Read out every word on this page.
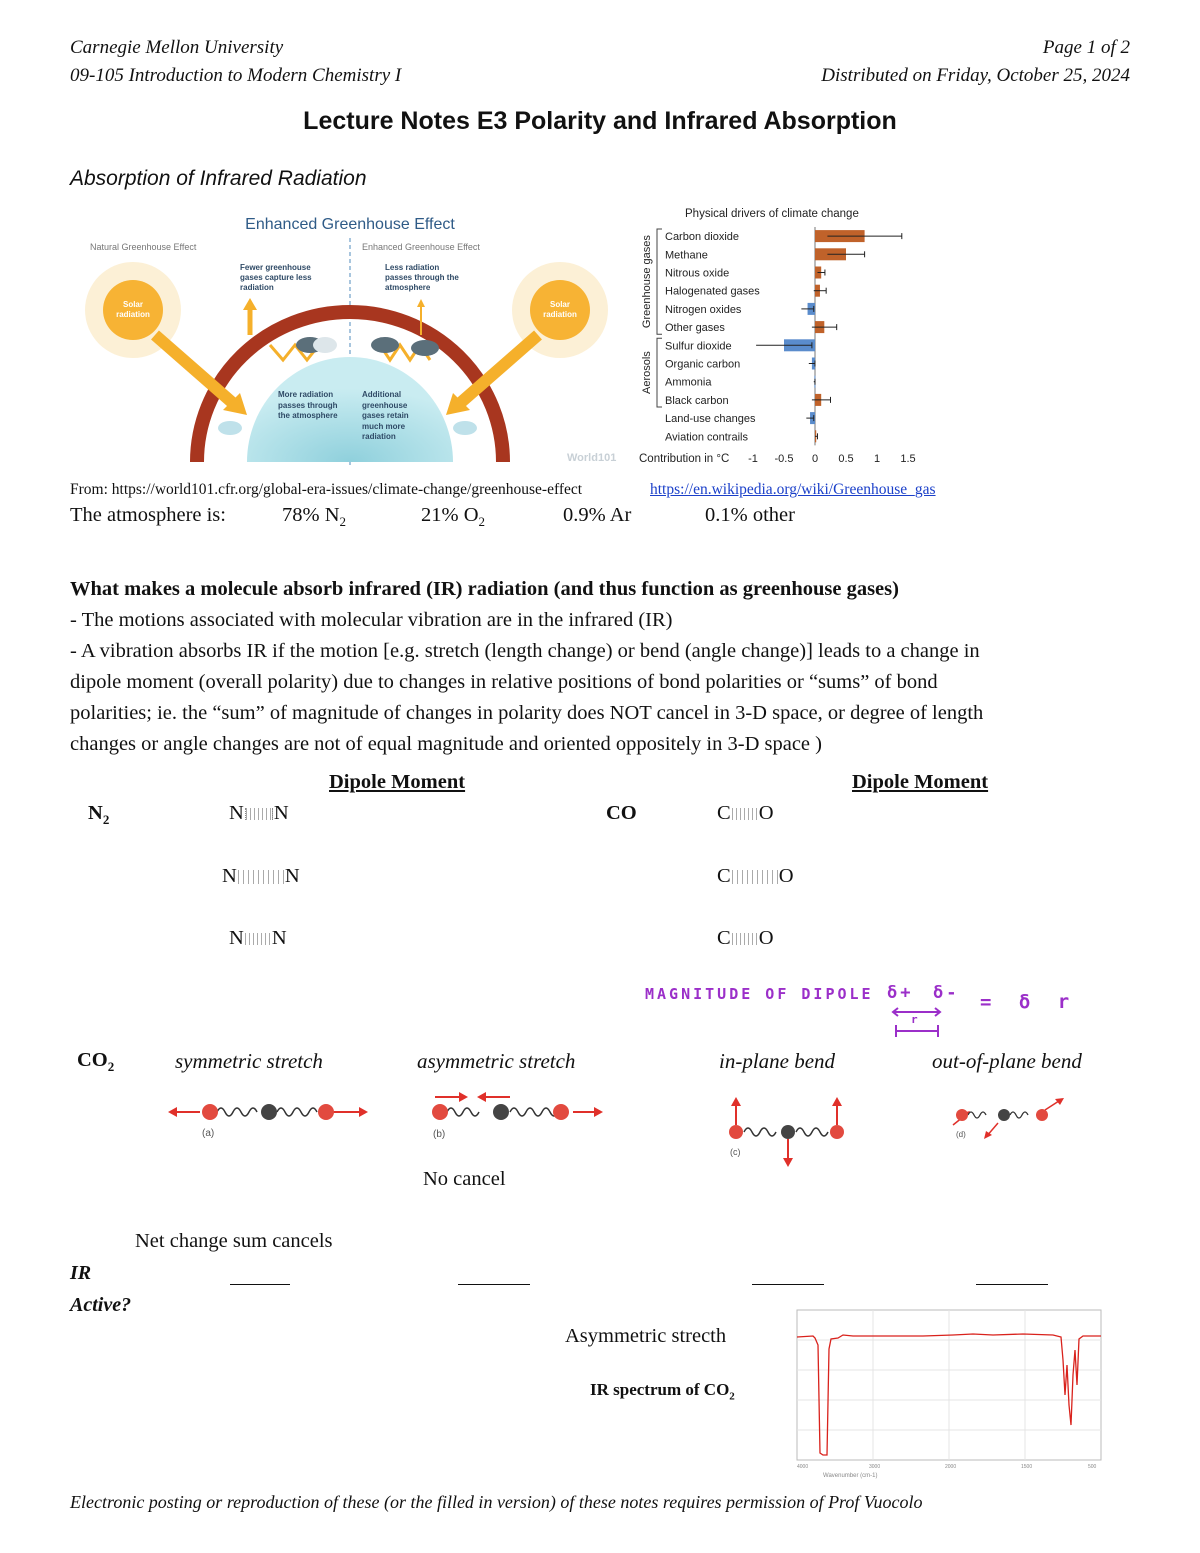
Carnegie Mellon University
09-105 Introduction to Modern Chemistry I
Page 1 of 2
Distributed on Friday, October 25, 2024
Lecture Notes E3 Polarity and Infrared Absorption
Absorption of Infrared Radiation
Enhanced Greenhouse Effect
Natural Greenhouse Effect	Enhanced Greenhouse Effect
Solar
radiation
Solar
radiation
Fewer greenhouse gases capture less radiation
Less radiation passes through the atmosphere
More radiation passes through the atmosphere
Additional greenhouse gases retain much more radiation
World101
Physical drivers of climate change
Greenhouse gases
Aerosols
Carbon dioxide
Methane
Nitrous oxide
Halogenated gases
Nitrogen oxides
Other gases
Sulfur dioxide
Organic carbon
Ammonia
Black carbon
Land-use changes
Aviation contrails
-1 -0.5 0 0.5 1 1.5
Contribution in °C
From: https://world101.cfr.org/global-era-issues/climate-change/greenhouse-effect	https://en.wikipedia.org/wiki/Greenhouse_gas
The atmosphere is:	78% $N_2$	21% $O_2$	0.9% Ar	0.1% other
What makes a molecule absorb infrared (IR) radiation (and thus function as greenhouse gases)
- The motions associated with molecular vibration are in the infrared (IR)
- A vibration absorbs IR if the motion [e.g. stretch (length change) or bend (angle change)] leads to a change in
dipole moment (overall polarity) due to changes in relative positions of bond polarities or “sums” of bond
polarities; ie. the “sum” of magnitude of changes in polarity does NOT cancel in 3-D space, or degree of length
changes or angle changes are not of equal magnitude and oriented oppositely in 3-D space )
Dipole Moment	Dipole Moment
$N_2$	N N
N N
N N
CO	C O
C O
C O
MAGNITUDE OF DIPOLE δ+ δ- = δ r
r
$CO_2$	symmetric stretch	asymmetric stretch	in-plane bend	out-of-plane bend
(a)	(b)
(c)
(d)
No cancel
Net change sum cancels
IR
Active?
Asymmetric strecth
IR spectrum of $CO_2$
4000	3000	2000	1500	500
Wavenumber (cm-1)
Electronic posting or reproduction of these (or the filled in version) of these notes requires permission of Prof Vuocolo
